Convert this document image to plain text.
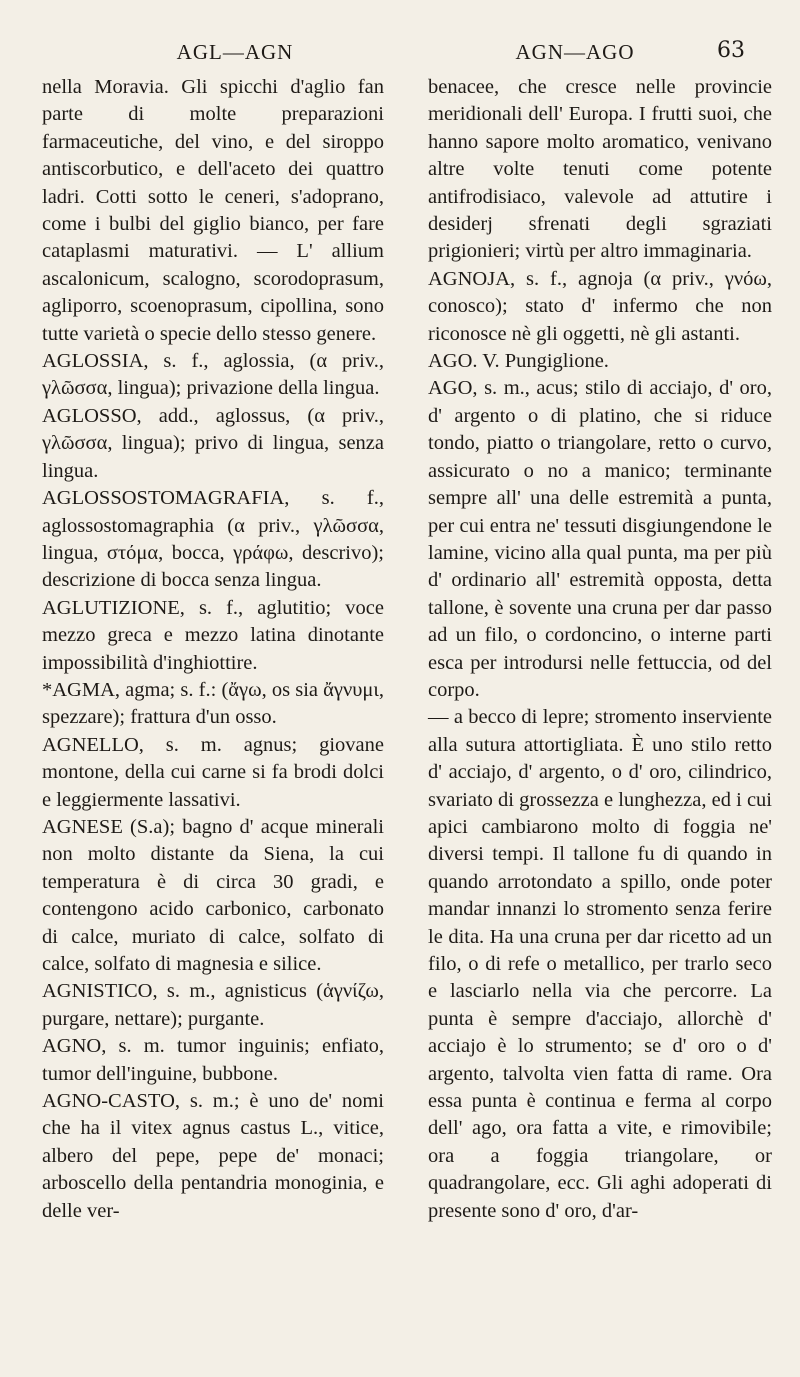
AGL—AGN	AGN—AGO	63

nella Moravia. Gli spicchi d'aglio fan parte di molte preparazioni farmaceutiche, del vino, e del siroppo antiscorbutico, e dell'aceto dei quattro ladri. Cotti sotto le ceneri, s'adoprano, come i bulbi del giglio bianco, per fare cataplasmi maturativi. — L' allium ascalonicum, scalogno, scorodoprasum, agliporro, scoenoprasum, cipollina, sono tutte varietà o specie dello stesso genere.

AGLOSSIA, s. f., aglossia, (α priv., γλῶσσα, lingua); privazione della lingua.

AGLOSSO, add., aglossus, (α priv., γλῶσσα, lingua); privo di lingua, senza lingua.

AGLOSSOSTOMAGRAFIA, s. f., aglossostomagraphia (α priv., γλῶσσα, lingua, στόμα, bocca, γράφω, descrivo); descrizione di bocca senza lingua.

AGLUTIZIONE, s. f., aglutitio; voce mezzo greca e mezzo latina dinotante impossibilità d'inghiottire.

*AGMA, agma; s. f.: (ἄγω, os sia ἄγνυμι, spezzare); frattura d'un osso.

AGNELLO, s. m. agnus; giovane montone, della cui carne si fa brodi dolci e leggiermente lassativi.

AGNESE (S.a); bagno d' acque minerali non molto distante da Siena, la cui temperatura è di circa 30 gradi, e contengono acido carbonico, carbonato di calce, muriato di calce, solfato di calce, solfato di magnesia e silice.

AGNISTICO, s. m., agnisticus (ἁγνίζω, purgare, nettare); purgante.

AGNO, s. m. tumor inguinis; enfiato, tumor dell'inguine, bubbone.

AGNO-CASTO, s. m.; è uno de' nomi che ha il vitex agnus castus L., vitice, albero del pepe, pepe de' monaci; arboscello della pentandria monoginia, e delle ver-

benacee, che cresce nelle provincie meridionali dell' Europa. I frutti suoi, che hanno sapore molto aromatico, venivano altre volte tenuti come potente antifrodisiaco, valevole ad attutire i desiderj sfrenati degli sgraziati prigionieri; virtù per altro immaginaria.

AGNOJA, s. f., agnoja (α priv., γνόω, conosco); stato d' infermo che non riconosce nè gli oggetti, nè gli astanti.

AGO. V. Pungiglione.

AGO, s. m., acus; stilo di acciajo, d' oro, d' argento o di platino, che si riduce tondo, piatto o triangolare, retto o curvo, assicurato o no a manico; terminante sempre all' una delle estremità a punta, per cui entra ne' tessuti disgiungendone le lamine, vicino alla qual punta, ma per più d' ordinario all' estremità opposta, detta tallone, è sovente una cruna per dar passo ad un filo, o cordoncino, o interne parti esca per introdursi nelle fettuccia, od del corpo.

— a becco di lepre; stromento inserviente alla sutura attortigliata. È uno stilo retto d' acciajo, d' argento, o d' oro, cilindrico, svariato di grossezza e lunghezza, ed i cui apici cambiarono molto di foggia ne' diversi tempi. Il tallone fu di quando in quando arrotondato a spillo, onde poter mandar innanzi lo stromento senza ferire le dita. Ha una cruna per dar ricetto ad un filo, o di refe o metallico, per trarlo seco e lasciarlo nella via che percorre. La punta è sempre d'acciajo, allorchè d' acciajo è lo strumento; se d' oro o d' argento, talvolta vien fatta di rame. Ora essa punta è continua e ferma al corpo dell' ago, ora fatta a vite, e rimovibile; ora a foggia triangolare, or quadrangolare, ecc. Gli aghi adoperati di presente sono d' oro, d'ar-
